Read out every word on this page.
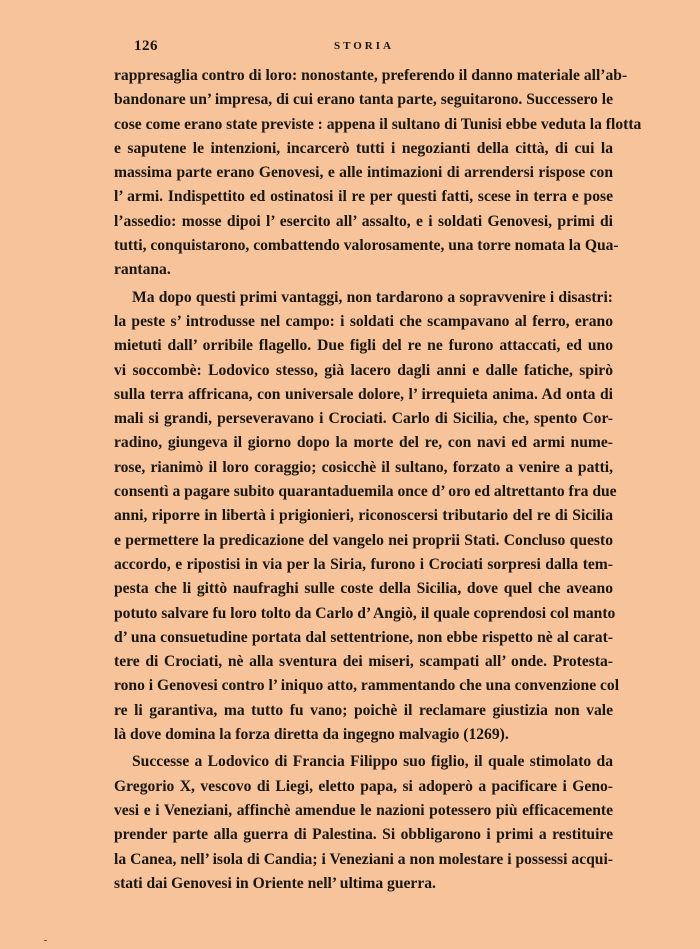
126	STORIA
rappresaglia contro di loro: nonostante, preferendo il danno materiale all’ab-
bandonare un’ impresa, di cui erano tanta parte, seguitarono. Successero le
cose come erano state previste : appena il sultano di Tunisi ebbe veduta la flotta
e saputene le intenzioni, incarcerò tutti i negozianti della città, di cui la
massima parte erano Genovesi, e alle intimazioni di arrendersi rispose con
l’ armi. Indispettito ed ostinatosi il re per questi fatti, scese in terra e pose
l’assedio: mosse dipoi l’ esercito all’ assalto, e i soldati Genovesi, primi di
tutti, conquistarono, combattendo valorosamente, una torre nomata la Qua-
rantana.
Ma dopo questi primi vantaggi, non tardarono a sopravvenire i disastri:
la peste s’ introdusse nel campo: i soldati che scampavano al ferro, erano
mietuti dall’ orribile flagello. Due figli del re ne furono attaccati, ed uno
vi soccombè: Lodovico stesso, già lacero dagli anni e dalle fatiche, spirò
sulla terra affricana, con universale dolore, l’ irrequieta anima. Ad onta di
mali si grandi, perseveravano i Crociati. Carlo di Sicilia, che, spento Cor-
radino, giungeva il giorno dopo la morte del re, con navi ed armi nume-
rose, rianimò il loro coraggio; cosicchè il sultano, forzato a venire a patti,
consentì a pagare subito quarantaduemila once d’ oro ed altrettanto fra due
anni, riporre in libertà i prigionieri, riconoscersi tributario del re di Sicilia
e permettere la predicazione del vangelo nei proprii Stati. Concluso questo
accordo, e ripostisi in via per la Siria, furono i Crociati sorpresi dalla tem-
pesta che li gittò naufraghi sulle coste della Sicilia, dove quel che aveano
potuto salvare fu loro tolto da Carlo d’ Angiò, il quale coprendosi col manto
d’ una consuetudine portata dal settentrione, non ebbe rispetto nè al carat-
tere di Crociati, nè alla sventura dei miseri, scampati all’ onde. Protesta-
rono i Genovesi contro l’ iniquo atto, rammentando che una convenzione col
re li garantiva, ma tutto fu vano; poichè il reclamare giustizia non vale
là dove domina la forza diretta da ingegno malvagio (1269).
Successe a Lodovico di Francia Filippo suo figlio, il quale stimolato da
Gregorio X, vescovo di Liegi, eletto papa, si adoperò a pacificare i Geno-
vesi e i Veneziani, affinchè amendue le nazioni potessero più efficacemente
prender parte alla guerra di Palestina. Si obbligarono i primi a restituire
la Canea, nell’ isola di Candia; i Veneziani a non molestare i possessi acqui-
stati dai Genovesi in Oriente nell’ ultima guerra.
